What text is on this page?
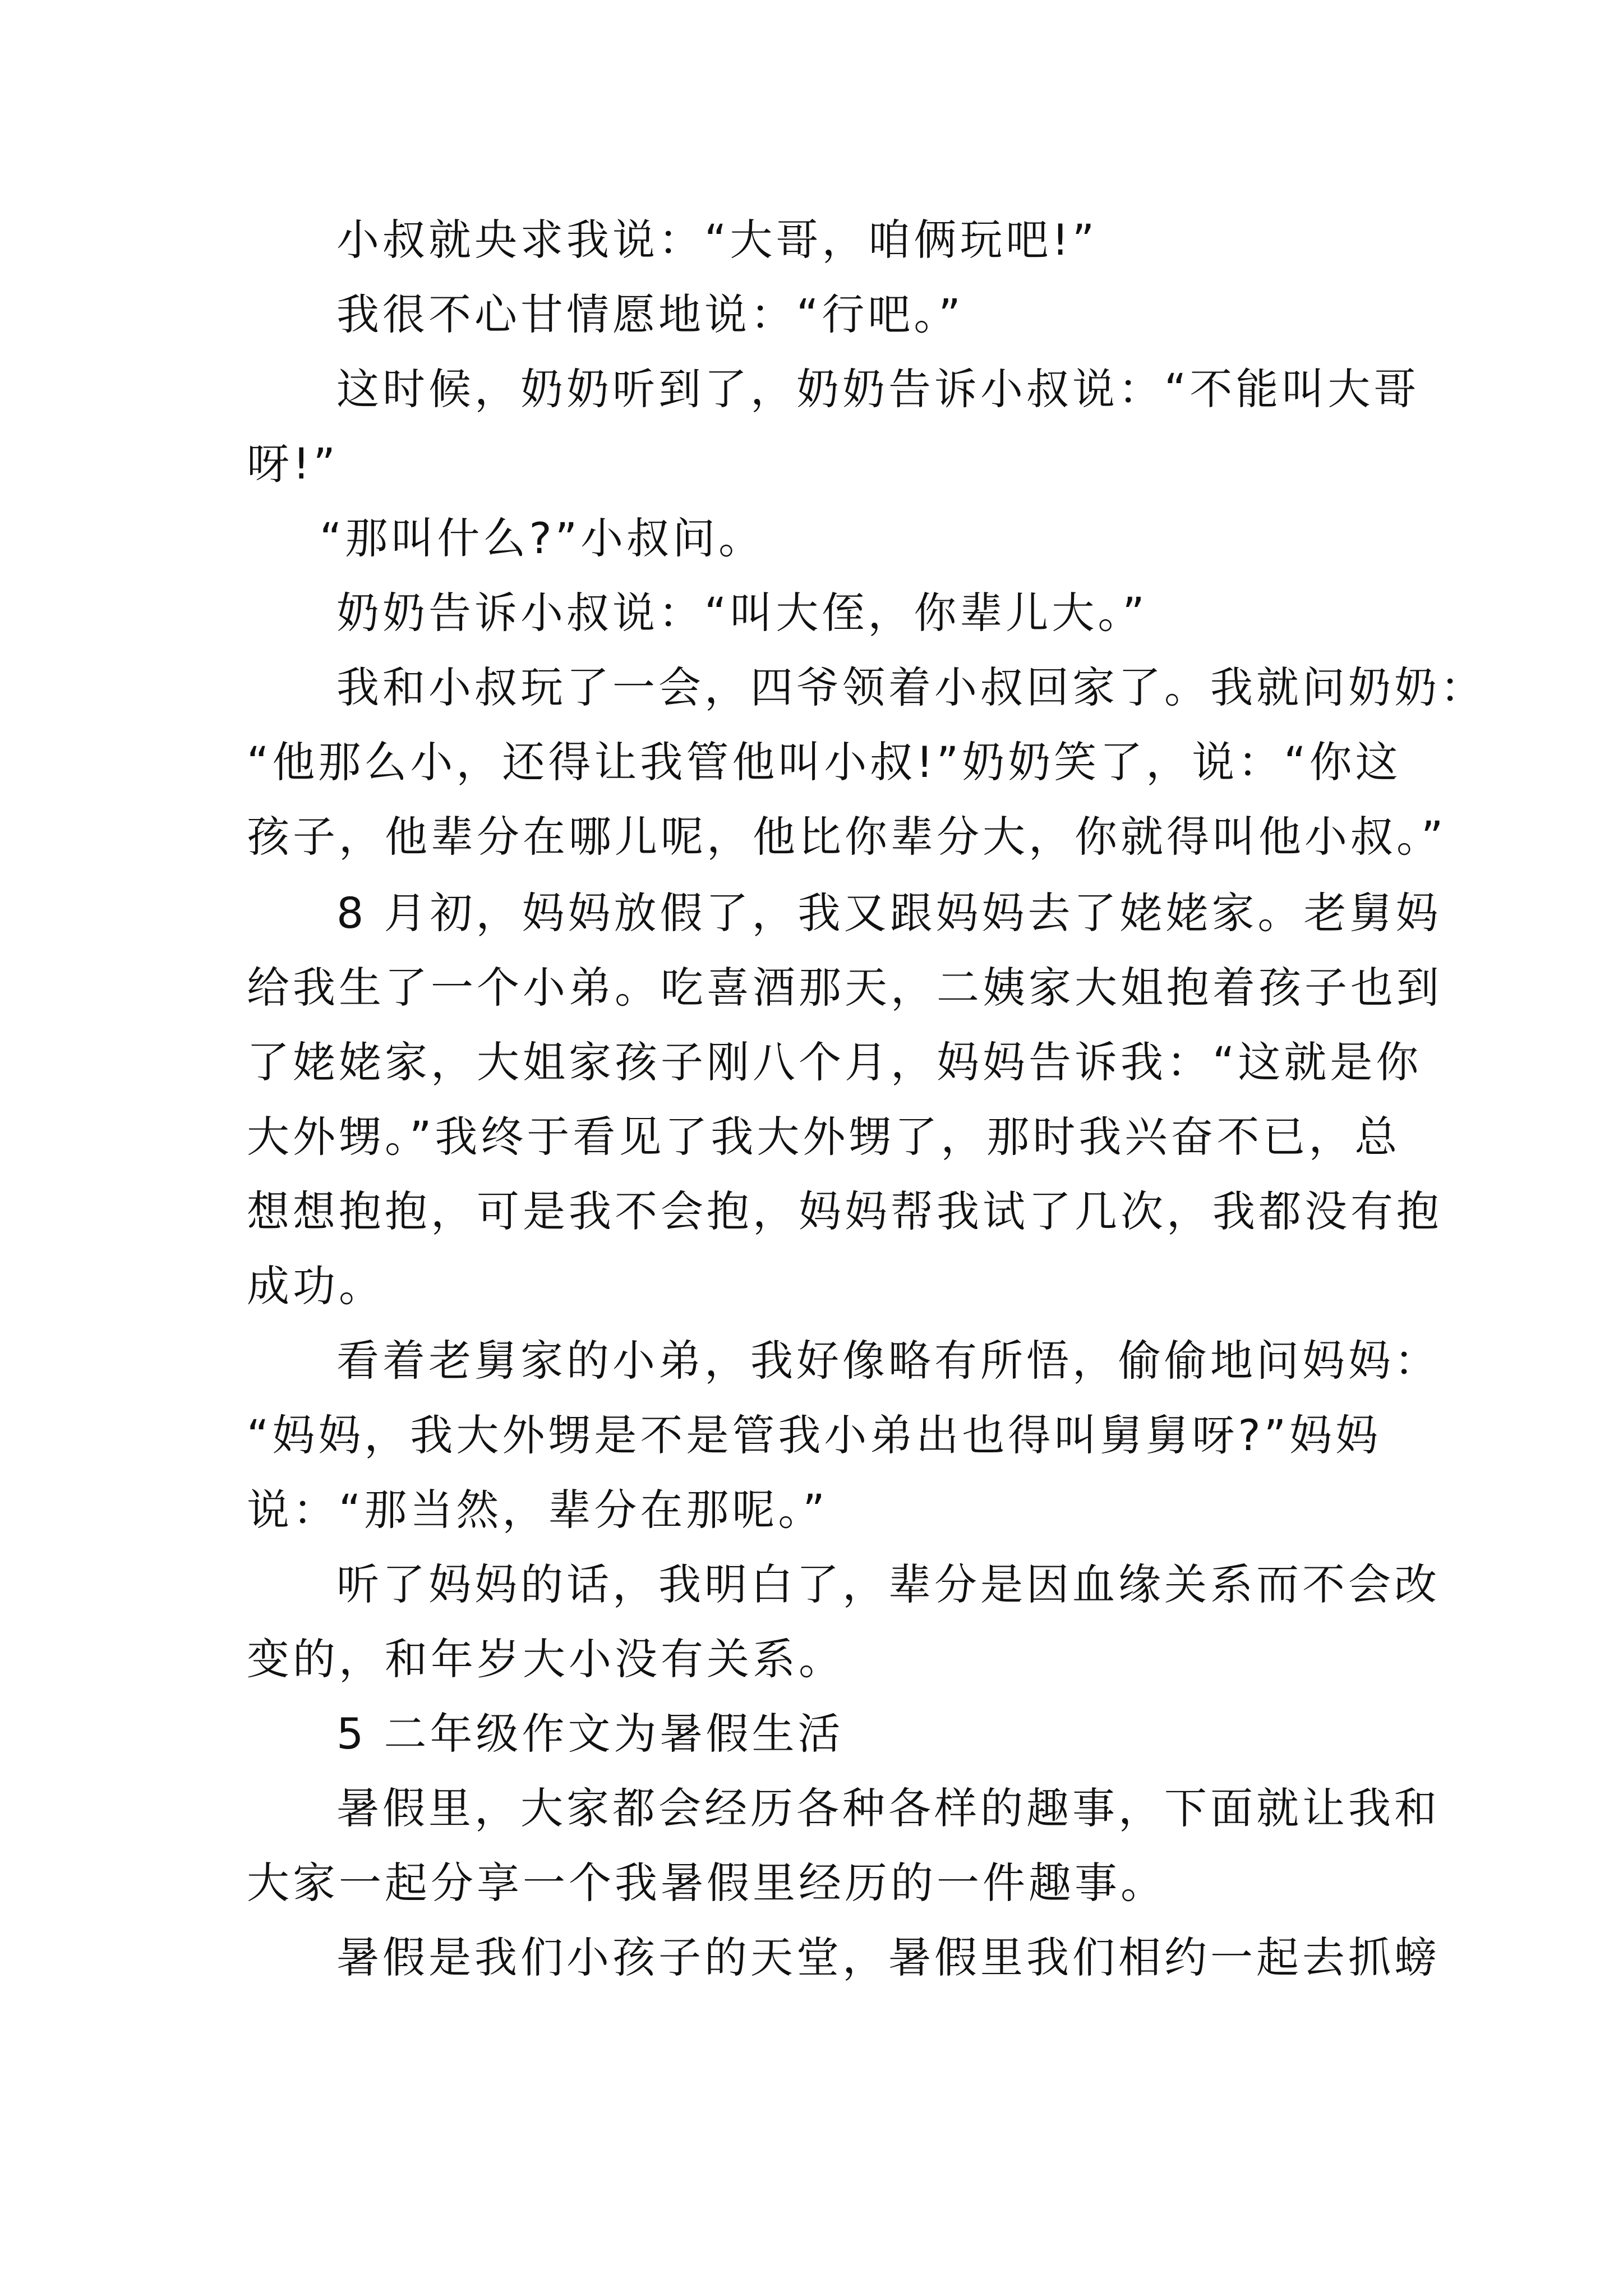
小叔就央求我说：“大哥，咱俩玩吧!”
我很不心甘情愿地说：“行吧。”
这时候，奶奶听到了，奶奶告诉小叔说：“不能叫大哥
呀!”
“那叫什么?”小叔问。
奶奶告诉小叔说：“叫大侄，你辈儿大。”
我和小叔玩了一会，四爷领着小叔回家了。我就问奶奶：
“他那么小，还得让我管他叫小叔!”奶奶笑了，说：“你这
孩子，他辈分在哪儿呢，他比你辈分大，你就得叫他小叔。”
8 月初，妈妈放假了，我又跟妈妈去了姥姥家。老舅妈
给我生了一个小弟。吃喜酒那天，二姨家大姐抱着孩子也到
了姥姥家，大姐家孩子刚八个月，妈妈告诉我：“这就是你
大外甥。”我终于看见了我大外甥了，那时我兴奋不已，总
想想抱抱，可是我不会抱，妈妈帮我试了几次，我都没有抱
成功。
看着老舅家的小弟，我好像略有所悟，偷偷地问妈妈：
“妈妈，我大外甥是不是管我小弟出也得叫舅舅呀?”妈妈
说：“那当然，辈分在那呢。”
听了妈妈的话，我明白了，辈分是因血缘关系而不会改
变的，和年岁大小没有关系。
5 二年级作文为暑假生活
暑假里，大家都会经历各种各样的趣事，下面就让我和
大家一起分享一个我暑假里经历的一件趣事。
暑假是我们小孩子的天堂，暑假里我们相约一起去抓螃
